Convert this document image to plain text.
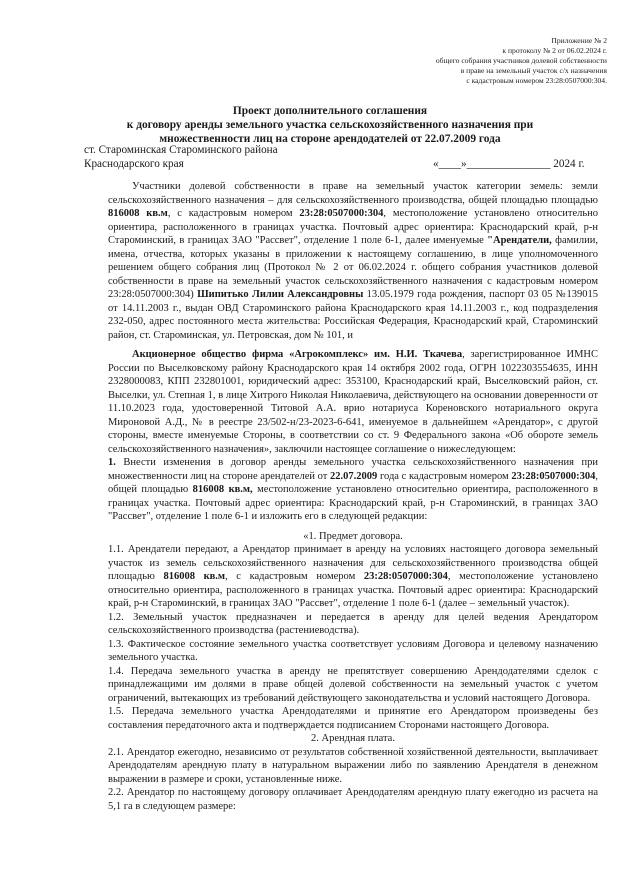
Приложение № 2
к протоколу № 2 от 06.02.2024 г.
общего собрания участников долевой собственности
в праве на земельный участок с/х назначения
с кадастровым номером 23:28:0507000:304.
Проект дополнительного соглашения
к договору аренды земельного участка сельскохозяйственного назначения при
множественности лиц на стороне арендодателей от 22.07.2009 года
ст. Староминская Староминского района
Краснодарского края	«____»_______________ 2024 г.

Участники долевой собственности в праве на земельный участок категории земель: земли сельскохозяйственного назначения – для сельскохозяйственного производства, общей площадью площадью 816008 кв.м, с кадастровым номером 23:28:0507000:304, местоположение установлено относительно ориентира, расположенного в границах участка. Почтовый адрес ориентира: Краснодарский край, р-н Староминский, в границах ЗАО "Рассвет", отделение 1 поле 6-1, далее именуемые "Арендатели, фамилии, имена, отчества, которых указаны в приложении к настоящему соглашению, в лице уполномоченного решением общего собрания лиц (Протокол № 2 от 06.02.2024 г. общего собрания участников долевой собственности в праве на земельный участок сельскохозяйственного назначения с кадастровым номером 23:28:0507000:304) Шипитько Лилии Александровны 13.05.1979 года рождения, паспорт 03 05 №139015 от 14.11.2003 г., выдан ОВД Староминского района Краснодарского края 14.11.2003 г., код подразделения 232-050, адрес постоянного места жительства: Российская Федерация, Краснодарский край, Староминский район, ст. Староминская, ул. Петровская, дом № 101, и

Акционерное общество фирма «Агрокомплекс» им. Н.И. Ткачева, зарегистрированное ИМНС России по Выселковскому району Краснодарского края 14 октября 2002 года, ОГРН 1022303554635, ИНН 2328000083, КПП 232801001, юридический адрес: 353100, Краснодарский край, Выселковский район, ст. Выселки, ул. Степная 1, в лице Хитрого Николая Николаевича, действующего на основании доверенности от 11.10.2023 года, удостоверенной Титовой А.А. врио нотариуса Кореновского нотариального округа Мироновой А.Д., № в реестре 23/502-н/23-2023-6-641, именуемое в дальнейшем «Арендатор», с другой стороны, вместе именуемые Стороны, в соответствии со ст. 9 Федерального закона «Об обороте земель сельскохозяйственного назначения», заключили настоящее соглашение о нижеследующем:

1. Внести изменения в договор аренды земельного участка сельскохозяйственного назначения при множественности лиц на стороне арендателей от 22.07.2009 года с кадастровым номером 23:28:0507000:304, общей площадью 816008 кв.м, местоположение установлено относительно ориентира, расположенного в границах участка. Почтовый адрес ориентира: Краснодарский край, р-н Староминский, в границах ЗАО "Рассвет", отделение 1 поле 6-1 и изложить его в следующей редакции:

«1. Предмет договора.

1.1. Арендатели передают, а Арендатор принимает в аренду на условиях настоящего договора земельный участок из земель сельскохозяйственного назначения для сельскохозяйственного производства общей площадью 816008 кв.м, с кадастровым номером 23:28:0507000:304, местоположение установлено относительно ориентира, расположенного в границах участка. Почтовый адрес ориентира: Краснодарский край, р-н Староминский, в границах ЗАО "Рассвет", отделение 1 поле 6-1 (далее – земельный участок).

1.2. Земельный участок предназначен и передается в аренду для целей ведения Арендатором сельскохозяйственного производства (растениеводства).

1.3. Фактическое состояние земельного участка соответствует условиям Договора и целевому назначению земельного участка.

1.4. Передача земельного участка в аренду не препятствует совершению Арендодателями сделок с принадлежащими им долями в праве общей долевой собственности на земельный участок с учетом ограничений, вытекающих из требований действующего законодательства и условий настоящего Договора.

1.5. Передача земельного участка Арендодателями и принятие его Арендатором произведены без составления передаточного акта и подтверждается подписанием Сторонами настоящего Договора.

2. Арендная плата.

2.1. Арендатор ежегодно, независимо от результатов собственной хозяйственной деятельности, выплачивает Арендодателям арендную плату в натуральном выражении либо по заявлению Арендателя в денежном выражении в размере и сроки, установленные ниже.

2.2. Арендатор по настоящему договору оплачивает Арендодателям арендную плату ежегодно из расчета на 5,1 га в следующем размере:
